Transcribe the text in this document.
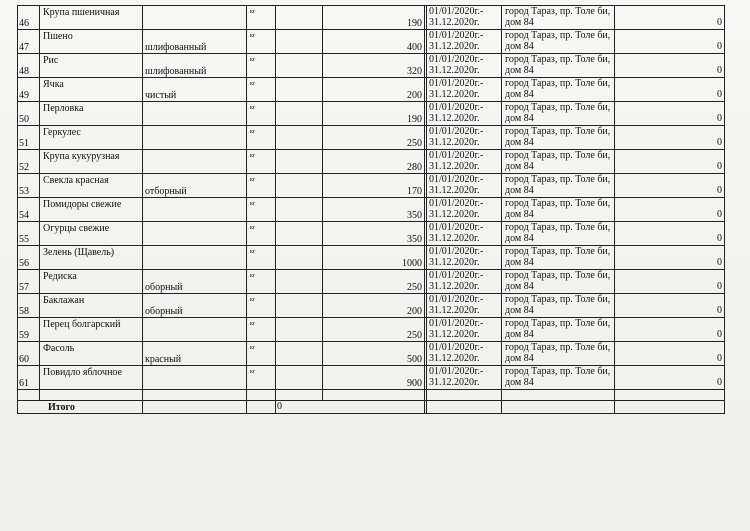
46	Крупа пшеничная		кг		190		01/01/2020г.-
31.12.2020г.	город Тараз, пр. Толе би,
дом 84	0

47	Пшено	шлифованный	кг		400		01/01/2020г.-
31.12.2020г.	город Тараз, пр. Толе би,
дом 84	0

48	Рис	шлифованный	кг		320		01/01/2020г.-
31.12.2020г.	город Тараз, пр. Толе би,
дом 84	0

49	Ячка	чистый	кг		200		01/01/2020г.-
31.12.2020г.	город Тараз, пр. Толе би,
дом 84	0

50	Перловка		кг		190		01/01/2020г.-
31.12.2020г.	город Тараз, пр. Толе би,
дом 84	0

51	Геркулес		кг		250		01/01/2020г.-
31.12.2020г.	город Тараз, пр. Толе би,
дом 84	0

52	Крупа кукурузная		кг		280		01/01/2020г.-
31.12.2020г.	город Тараз, пр. Толе би,
дом 84	0

53	Свекла красная	отборный	кг		170		01/01/2020г.-
31.12.2020г.	город Тараз, пр. Толе би,
дом 84	0

54	Помидоры свежие		кг		350		01/01/2020г.-
31.12.2020г.	город Тараз, пр. Толе би,
дом 84	0

55	Огурцы свежие		кг		350		01/01/2020г.-
31.12.2020г.	город Тараз, пр. Толе би,
дом 84	0

56	Зелень (Щавель)		кг		1000		01/01/2020г.-
31.12.2020г.	город Тараз, пр. Толе би,
дом 84	0

57	Редиска	оборный	кг		250		01/01/2020г.-
31.12.2020г.	город Тараз, пр. Толе би,
дом 84	0

58	Баклажан	оборный	кг		200		01/01/2020г.-
31.12.2020г.	город Тараз, пр. Толе би,
дом 84	0

59	Перец болгарский		кг		250		01/01/2020г.-
31.12.2020г.	город Тараз, пр. Толе би,
дом 84	0

60	Фасоль	красный	кг		500		01/01/2020г.-
31.12.2020г.	город Тараз, пр. Толе би,
дом 84	0

61	Повидло яблочное		кг		900		01/01/2020г.-
31.12.2020г.	город Тараз, пр. Толе би,
дом 84	0

Итого				0
